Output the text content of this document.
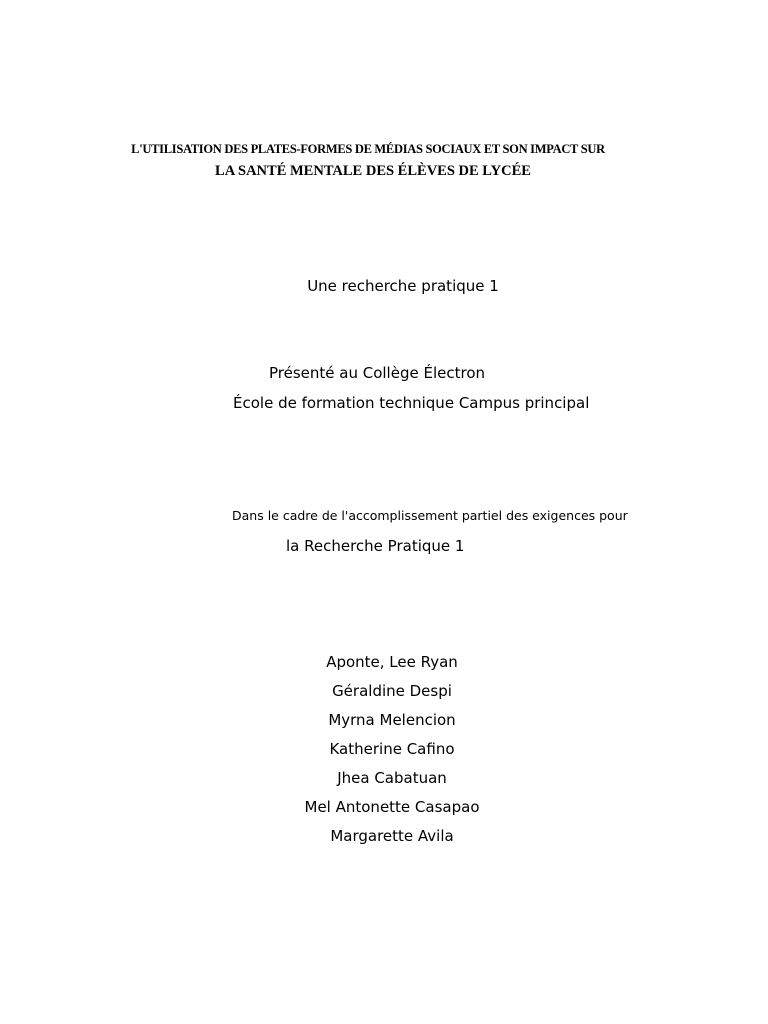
L'UTILISATION DES PLATES-FORMES DE MÉDIAS SOCIAUX ET SON IMPACT SUR
LA SANTÉ MENTALE DES ÉLÈVES DE LYCÉE
Une recherche pratique 1
Présenté au Collège Électron
École de formation technique Campus principal
Dans le cadre de l'accomplissement partiel des exigences pour
la Recherche Pratique 1
Aponte, Lee Ryan
Géraldine Despi
Myrna Melencion
Katherine Cafino
Jhea Cabatuan
Mel Antonette Casapao
Margarette Avila
